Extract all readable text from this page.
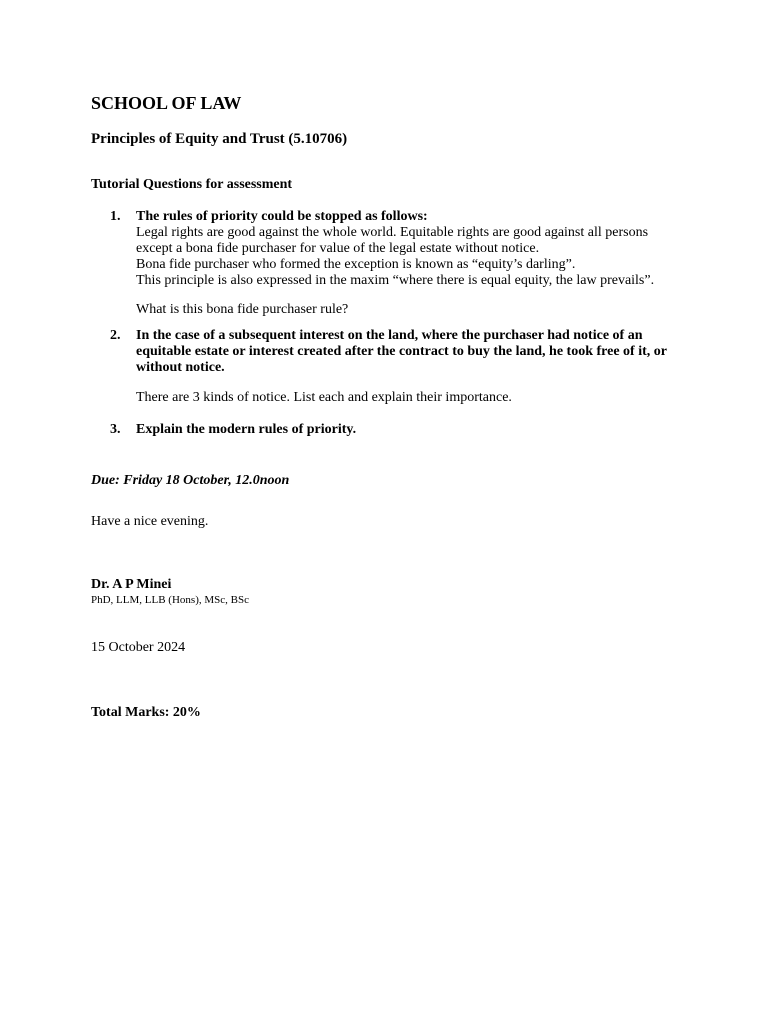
SCHOOL OF LAW
Principles of Equity and Trust (5.10706)
Tutorial Questions for assessment
1.	The rules of priority could be stopped as follows:
Legal rights are good against the whole world. Equitable rights are good against all persons
except a bona fide purchaser for value of the legal estate without notice.
Bona fide purchaser who formed the exception is known as “equity’s darling”.
This principle is also expressed in the maxim “where there is equal equity, the law prevails”.
What is this bona fide purchaser rule?
2.	In the case of a subsequent interest on the land, where the purchaser had notice of an
equitable estate or interest created after the contract to buy the land, he took free of it, or
without notice.
There are 3 kinds of notice. List each and explain their importance.
3.	Explain the modern rules of priority.
Due: Friday 18 October, 12.0noon
Have a nice evening.
Dr. A P Minei
PhD, LLM, LLB (Hons), MSc, BSc
15 October 2024
Total Marks: 20%
